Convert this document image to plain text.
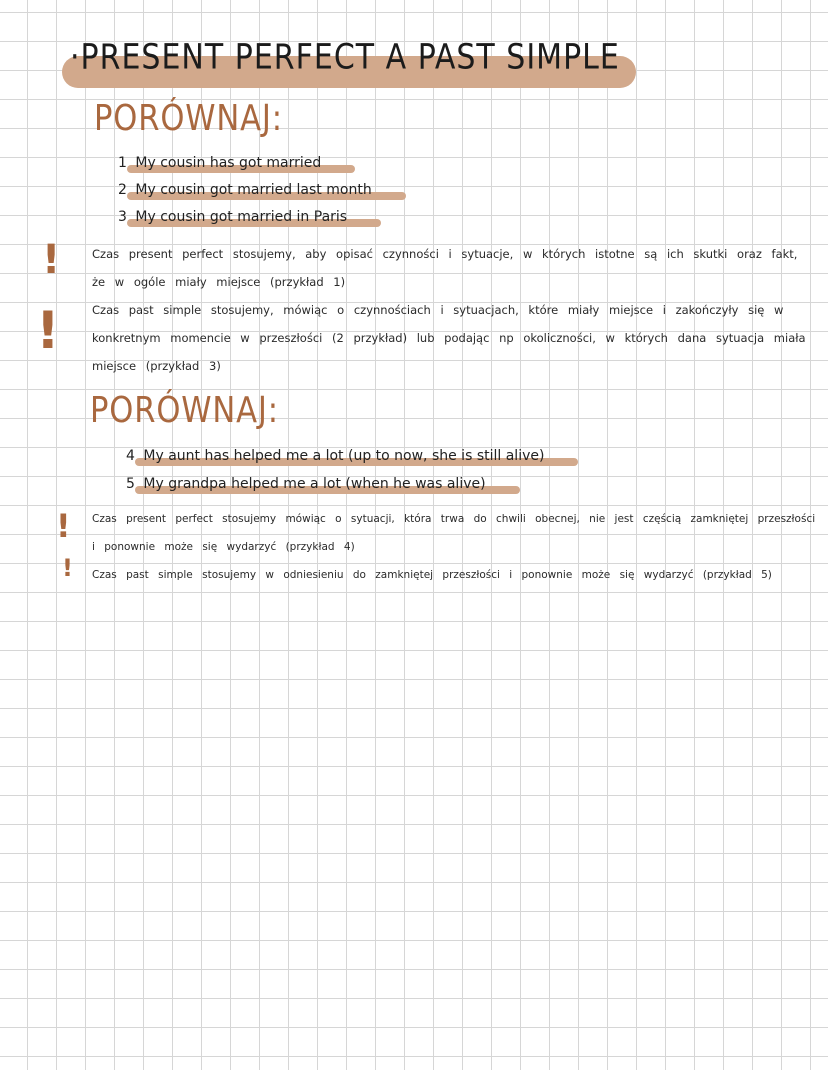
·PRESENT PERFECT A PAST SIMPLE
PORÓWNAJ:
1 My cousin has got married
2 My cousin got married last month
3 My cousin got married in Paris
!	Czas present perfect stosujemy, aby opisać czynności i sytuacje, w których istotne są ich skutki oraz fakt, że w ogóle miały miejsce (przykład 1)
!	Czas past simple stosujemy, mówiąc o czynnościach i sytuacjach, które miały miejsce i zakończyły się w konkretnym momencie w przeszłości (2 przykład) lub podając np okoliczności, w których dana sytuacja miała miejsce (przykład 3)
PORÓWNAJ:
4 My aunt has helped me a lot (up to now, she is still alive)
5 My grandpa helped me a lot (when he was alive)
! Czas present perfect stosujemy mówiąc o sytuacji, która trwa do chwili obecnej, nie jest częścią zamkniętej przeszłości i ponownie może się wydarzyć (przykład 4)
! Czas past simple stosujemy w odniesieniu do zamkniętej przeszłości i ponownie może się wydarzyć (przykład 5)
